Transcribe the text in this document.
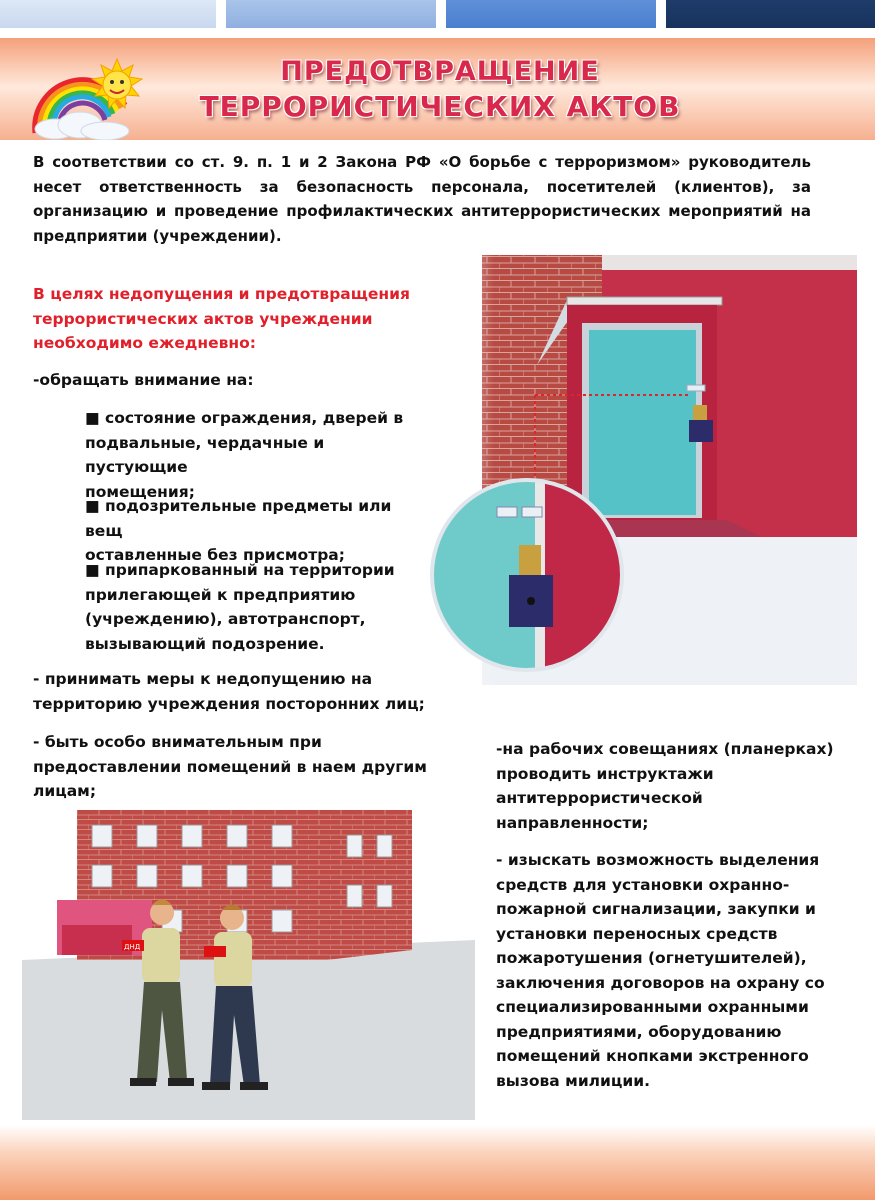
ПРЕДОТВРАЩЕНИЕ
ТЕРРОРИСТИЧЕСКИХ АКТОВ
В соответствии со ст. 9. п. 1 и 2 Закона РФ «О борьбе с терроризмом» руководитель несет ответственность за безопасность персонала, посетителей (клиентов), за организацию и проведение профилактических антитеррористических мероприятий на предприятии (учреждении).
В целях недопущения и предотвращения
террористических актов учреждении
необходимо ежедневно:
-обращать внимание на:
■ состояние ограждения, дверей в
подвальные, чердачные и пустующие
помещения;
■ подозрительные предметы или вещ
оставленные без присмотра;
■ припаркованный на территории
прилегающей к предприятию
(учреждению), автотранспорт,
вызывающий подозрение.
- принимать меры к недопущению на
территорию учреждения посторонних лиц;
- быть особо внимательным при
предоставлении помещений в наем другим
лицам;
-на рабочих совещаниях (планерках)
проводить инструктажи
антитеррористической
направленности;
- изыскать возможность выделения
средств для установки охранно-
пожарной сигнализации, закупки и
установки переносных средств
пожаротушения (огнетушителей),
заключения договоров на охрану со
специализированными охранными
предприятиями, оборудованию
помещений кнопками экстренного
вызова милиции.
ДНД
